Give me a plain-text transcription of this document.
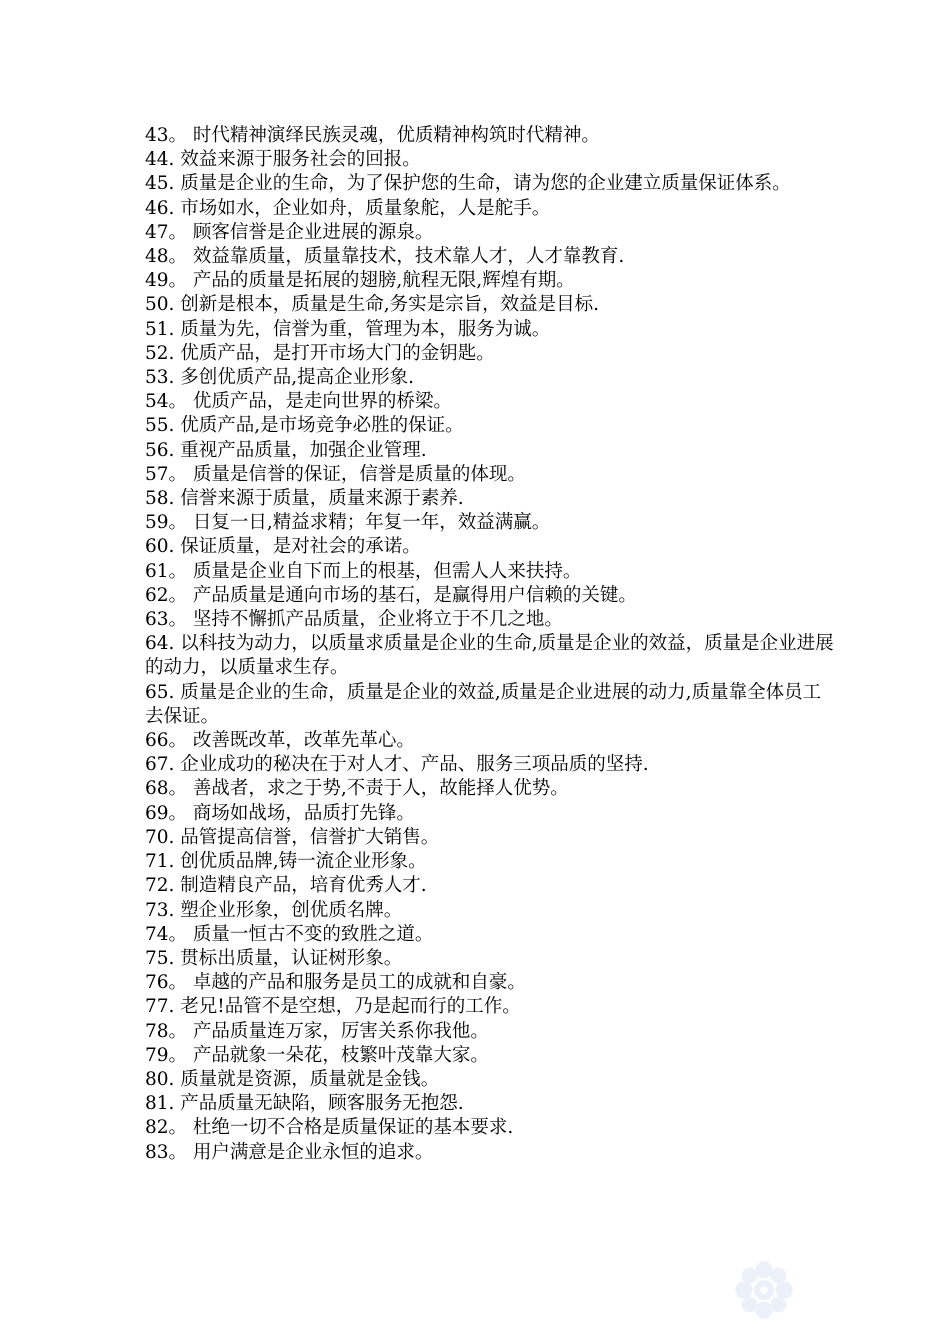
43。 时代精神演绎民族灵魂，优质精神构筑时代精神。
44. 效益来源于服务社会的回报。
45. 质量是企业的生命，为了保护您的生命，请为您的企业建立质量保证体系。
46. 市场如水，企业如舟，质量象舵，人是舵手。
47。 顾客信誉是企业进展的源泉。
48。 效益靠质量，质量靠技术，技术靠人才，人才靠教育.
49。 产品的质量是拓展的翅膀,航程无限,辉煌有期。
50. 创新是根本，质量是生命,务实是宗旨，效益是目标.
51. 质量为先，信誉为重，管理为本，服务为诚。
52. 优质产品，是打开市场大门的金钥匙。
53. 多创优质产品,提高企业形象.
54。 优质产品，是走向世界的桥梁。
55. 优质产品,是市场竞争必胜的保证。
56. 重视产品质量，加强企业管理.
57。 质量是信誉的保证，信誉是质量的体现。
58. 信誉来源于质量，质量来源于素养.
59。 日复一日,精益求精；年复一年，效益满赢。
60. 保证质量，是对社会的承诺。
61。 质量是企业自下而上的根基，但需人人来扶持。
62。 产品质量是通向市场的基石，是赢得用户信赖的关键。
63。 坚持不懈抓产品质量，企业将立于不几之地。
64. 以科技为动力，以质量求质量是企业的生命,质量是企业的效益，质量是企业进展的动力，以质量求生存。
65. 质量是企业的生命，质量是企业的效益,质量是企业进展的动力,质量靠全体员工去保证。
66。 改善既改革，改革先革心。
67. 企业成功的秘决在于对人才、产品、服务三项品质的坚持.
68。 善战者，求之于势,不责于人，故能择人优势。
69。 商场如战场，品质打先锋。
70. 品管提高信誉，信誉扩大销售。
71. 创优质品牌,铸一流企业形象。
72. 制造精良产品，培育优秀人才.
73. 塑企业形象，创优质名牌。
74。 质量一恒古不变的致胜之道。
75. 贯标出质量，认证树形象。
76。 卓越的产品和服务是员工的成就和自豪。
77. 老兄!品管不是空想，乃是起而行的工作。
78。 产品质量连万家，厉害关系你我他。
79。 产品就象一朵花，枝繁叶茂靠大家。
80. 质量就是资源，质量就是金钱。
81. 产品质量无缺陷，顾客服务无抱怨.
82。 杜绝一切不合格是质量保证的基本要求.
83。 用户满意是企业永恒的追求。
